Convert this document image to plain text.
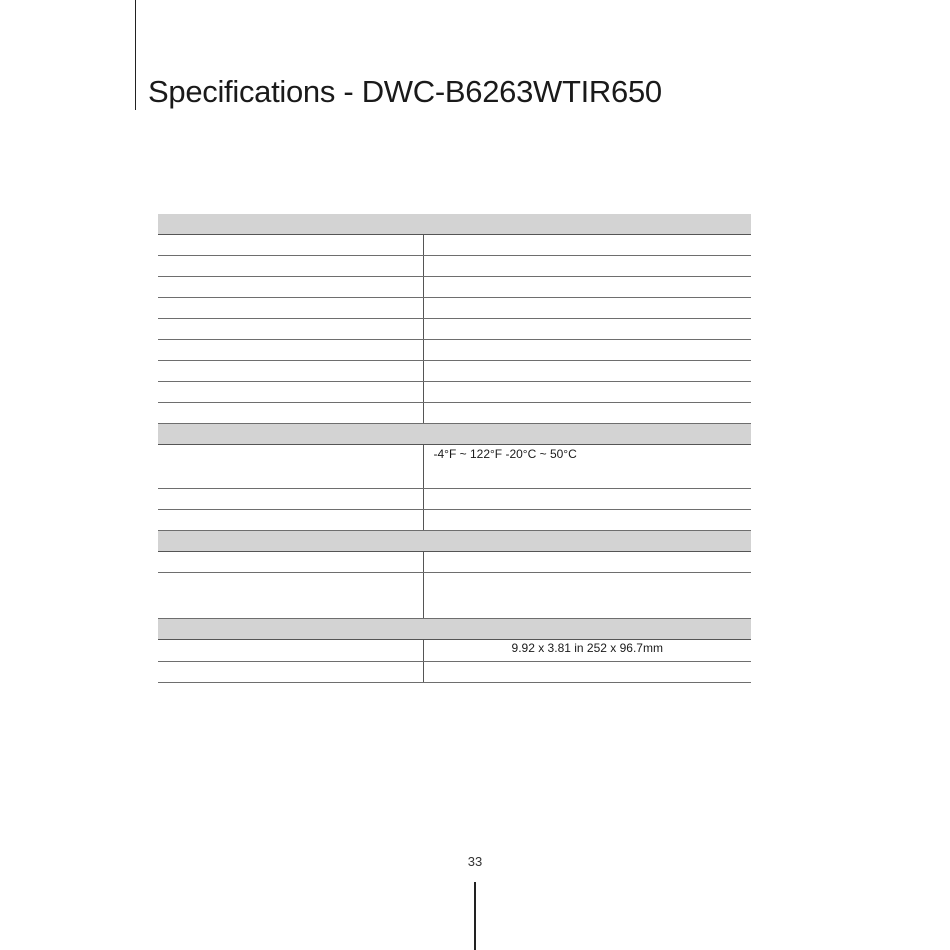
Specifications - DWC-B6263WTIR650

	-4°F ~ 122°F -20°C ~ 50°C

	9.92 x 3.81 in 252 x 96.7mm

33
